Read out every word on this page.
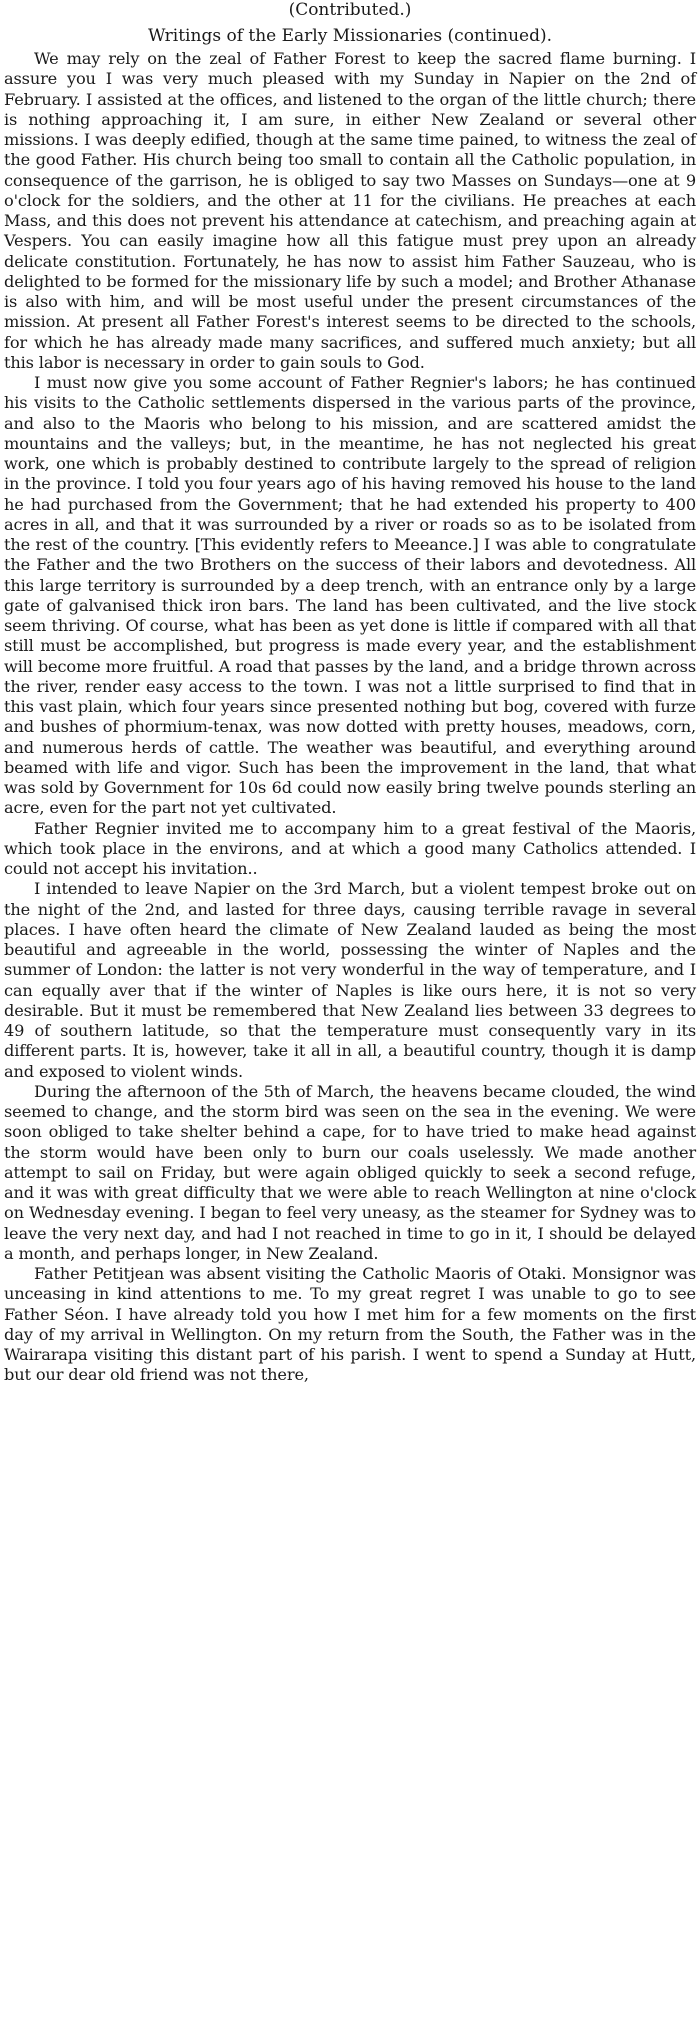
(Contributed.)
Writings of the Early Missionaries (continued).

We may rely on the zeal of Father Forest to keep the sacred flame burning. I assure you I was very much pleased with my Sunday in Napier on the 2nd of February. I assisted at the offices, and listened to the organ of the little church; there is nothing approaching it, I am sure, in either New Zealand or several other missions. I was deeply edified, though at the same time pained, to witness the zeal of the good Father. His church being too small to contain all the Catholic population, in consequence of the garrison, he is obliged to say two Masses on Sundays—one at 9 o'clock for the soldiers, and the other at 11 for the civilians. He preaches at each Mass, and this does not prevent his attendance at catechism, and preaching again at Vespers. You can easily imagine how all this fatigue must prey upon an already delicate constitution. Fortunately, he has now to assist him Father Sauzeau, who is delighted to be formed for the missionary life by such a model; and Brother Athanase is also with him, and will be most useful under the present circumstances of the mission. At present all Father Forest's interest seems to be directed to the schools, for which he has already made many sacrifices, and suffered much anxiety; but all this labor is necessary in order to gain souls to God.

I must now give you some account of Father Regnier's labors; he has continued his visits to the Catholic settlements dispersed in the various parts of the province, and also to the Maoris who belong to his mission, and are scattered amidst the mountains and the valleys; but, in the meantime, he has not neglected his great work, one which is probably destined to contribute largely to the spread of religion in the province. I told you four years ago of his having removed his house to the land he had purchased from the Government; that he had extended his property to 400 acres in all, and that it was surrounded by a river or roads so as to be isolated from the rest of the country. [This evidently refers to Meeance.] I was able to congratulate the Father and the two Brothers on the success of their labors and devotedness. All this large territory is surrounded by a deep trench, with an entrance only by a large gate of galvanised thick iron bars. The land has been cultivated, and the live stock seem thriving. Of course, what has been as yet done is little if compared with all that still must be accomplished, but progress is made every year, and the establishment will become more fruitful. A road that passes by the land, and a bridge thrown across the river, render easy access to the town. I was not a little surprised to find that in this vast plain, which four years since presented nothing but bog, covered with furze and bushes of phormium-tenax, was now dotted with pretty houses, meadows, corn, and numerous herds of cattle. The weather was beautiful, and everything around beamed with life and vigor. Such has been the improvement in the land, that what was sold by Government for 10s 6d could now easily bring twelve pounds sterling an acre, even for the part not yet cultivated.

Father Regnier invited me to accompany him to a great festival of the Maoris, which took place in the environs, and at which a good many Catholics attended. I could not accept his invitation..

I intended to leave Napier on the 3rd March, but a violent tempest broke out on the night of the 2nd, and lasted for three days, causing terrible ravage in several places. I have often heard the climate of New Zealand lauded as being the most beautiful and agreeable in the world, possessing the winter of Naples and the summer of London: the latter is not very wonderful in the way of temperature, and I can equally aver that if the winter of Naples is like ours here, it is not so very desirable. But it must be remembered that New Zealand lies between 33 degrees to 49 of southern latitude, so that the temperature must consequently vary in its different parts. It is, however, take it all in all, a beautiful country, though it is damp and exposed to violent winds.

During the afternoon of the 5th of March, the heavens became clouded, the wind seemed to change, and the storm bird was seen on the sea in the evening. We were soon obliged to take shelter behind a cape, for to have tried to make head against the storm would have been only to burn our coals uselessly. We made another attempt to sail on Friday, but were again obliged quickly to seek a second refuge, and it was with great difficulty that we were able to reach Wellington at nine o'clock on Wednesday evening. I began to feel very uneasy, as the steamer for Sydney was to leave the very next day, and had I not reached in time to go in it, I should be delayed a month, and perhaps longer, in New Zealand.

Father Petitjean was absent visiting the Catholic Maoris of Otaki. Monsignor was unceasing in kind attentions to me. To my great regret I was unable to go to see Father Séon. I have already told you how I met him for a few moments on the first day of my arrival in Wellington. On my return from the South, the Father was in the Wairarapa visiting this distant part of his parish. I went to spend a Sunday at Hutt, but our dear old friend was not there,
